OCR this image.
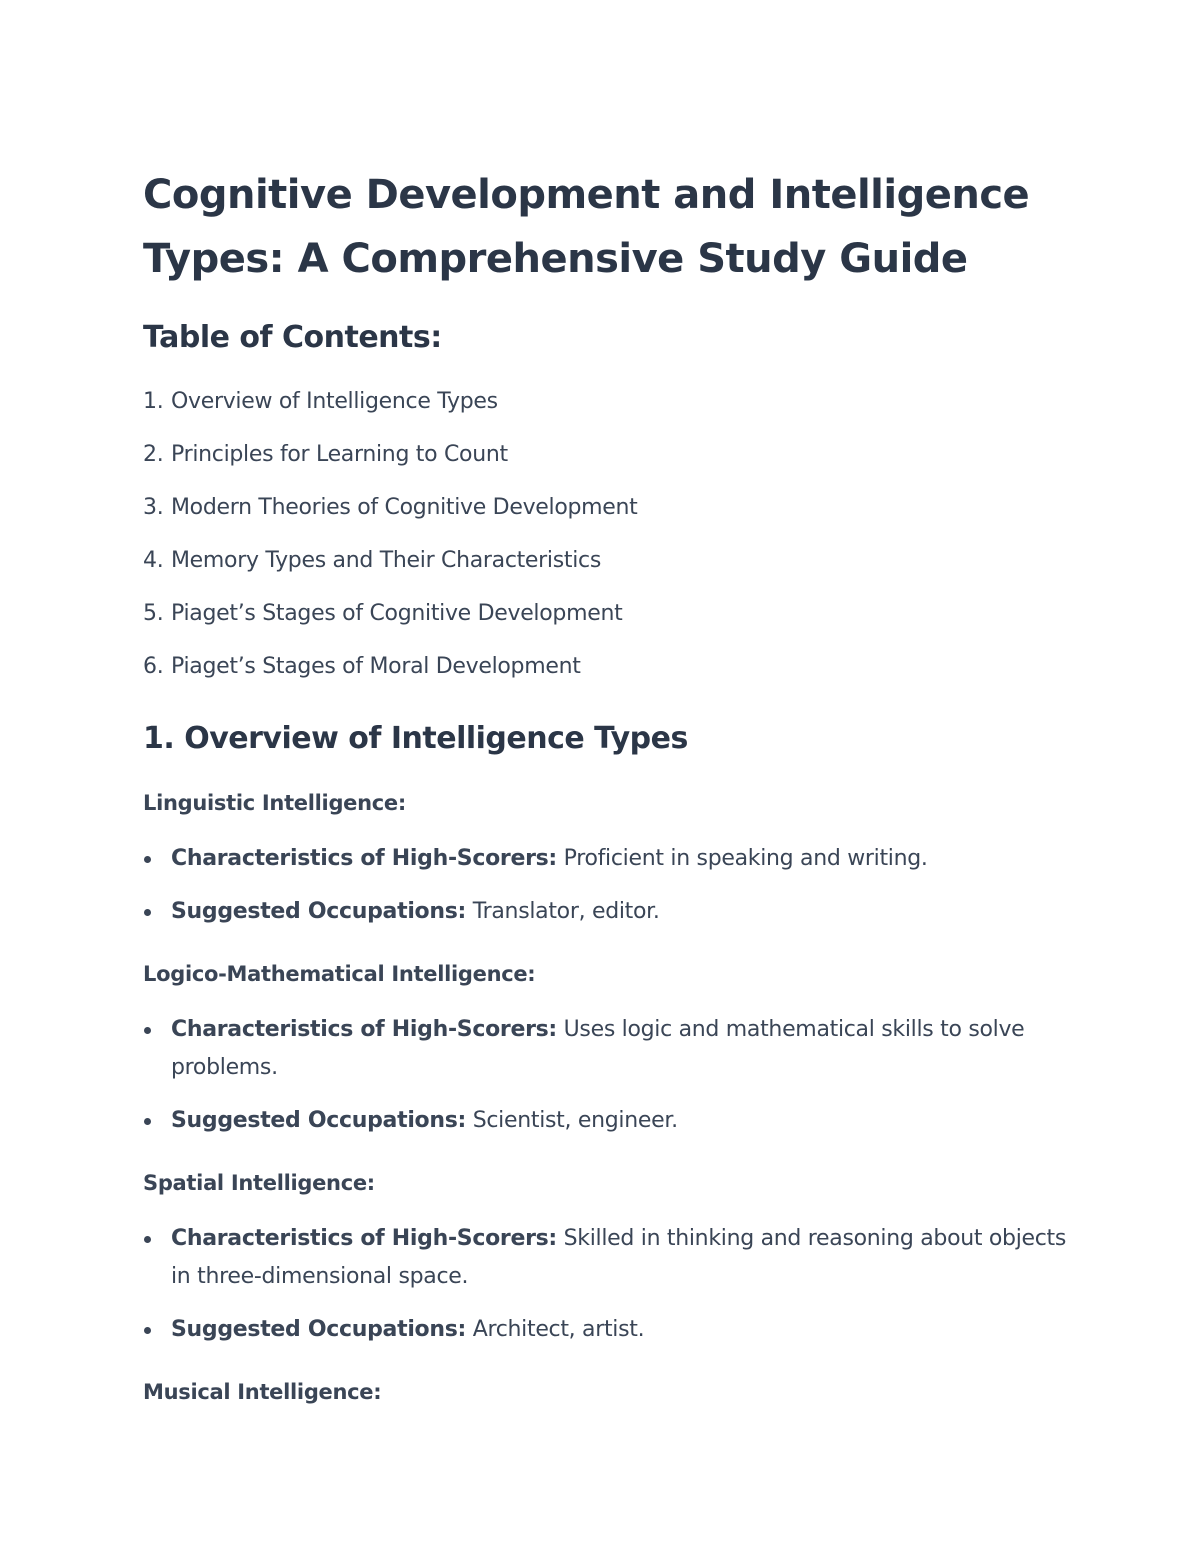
Cognitive Development and Intelligence Types: A Comprehensive Study Guide
Table of Contents:
1. Overview of Intelligence Types
2. Principles for Learning to Count
3. Modern Theories of Cognitive Development
4. Memory Types and Their Characteristics
5. Piaget’s Stages of Cognitive Development
6. Piaget’s Stages of Moral Development
1. Overview of Intelligence Types
Linguistic Intelligence:
Characteristics of High-Scorers: Proficient in speaking and writing.
Suggested Occupations: Translator, editor.
Logico-Mathematical Intelligence:
Characteristics of High-Scorers: Uses logic and mathematical skills to solve problems.
Suggested Occupations: Scientist, engineer.
Spatial Intelligence:
Characteristics of High-Scorers: Skilled in thinking and reasoning about objects in three-dimensional space.
Suggested Occupations: Architect, artist.
Musical Intelligence:
